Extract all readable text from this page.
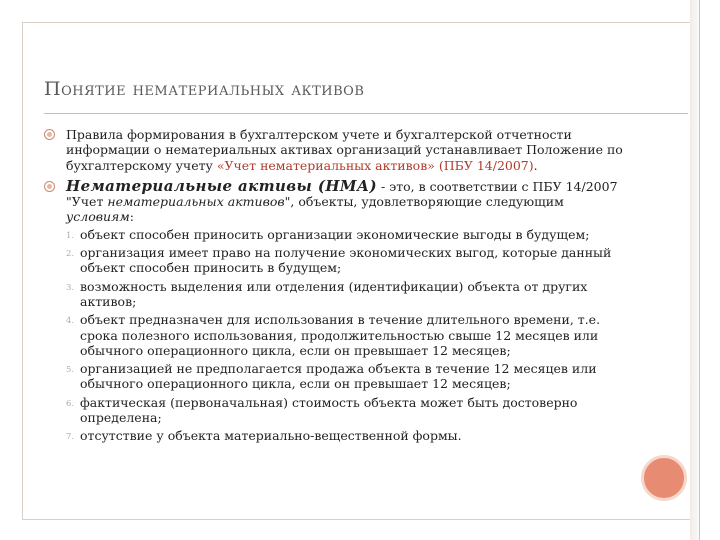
Понятие нематериальных активов
Правила формирования в бухгалтерском учете и бухгалтерской отчетности информации о нематериальных активах организаций устанавливает Положение по бухгалтерскому учету «Учет нематериальных активов» (ПБУ 14/2007).
Нематериальные активы (НМА) - это, в соответствии с ПБУ 14/2007 "Учет нематериальных активов", объекты, удовлетворяющие следующим условиям:
1. объект способен приносить организации экономические выгоды в будущем;
2. организация имеет право на получение экономических выгод, которые данный объект способен приносить в будущем;
3. возможность выделения или отделения (идентификации) объекта от других активов;
4. объект предназначен для использования в течение длительного времени, т.е. срока полезного использования, продолжительностью свыше 12 месяцев или обычного операционного цикла, если он превышает 12 месяцев;
5. организацией не предполагается продажа объекта в течение 12 месяцев или обычного операционного цикла, если он превышает 12 месяцев;
6. фактическая (первоначальная) стоимость объекта может быть достоверно определена;
7. отсутствие у объекта материально-вещественной формы.
